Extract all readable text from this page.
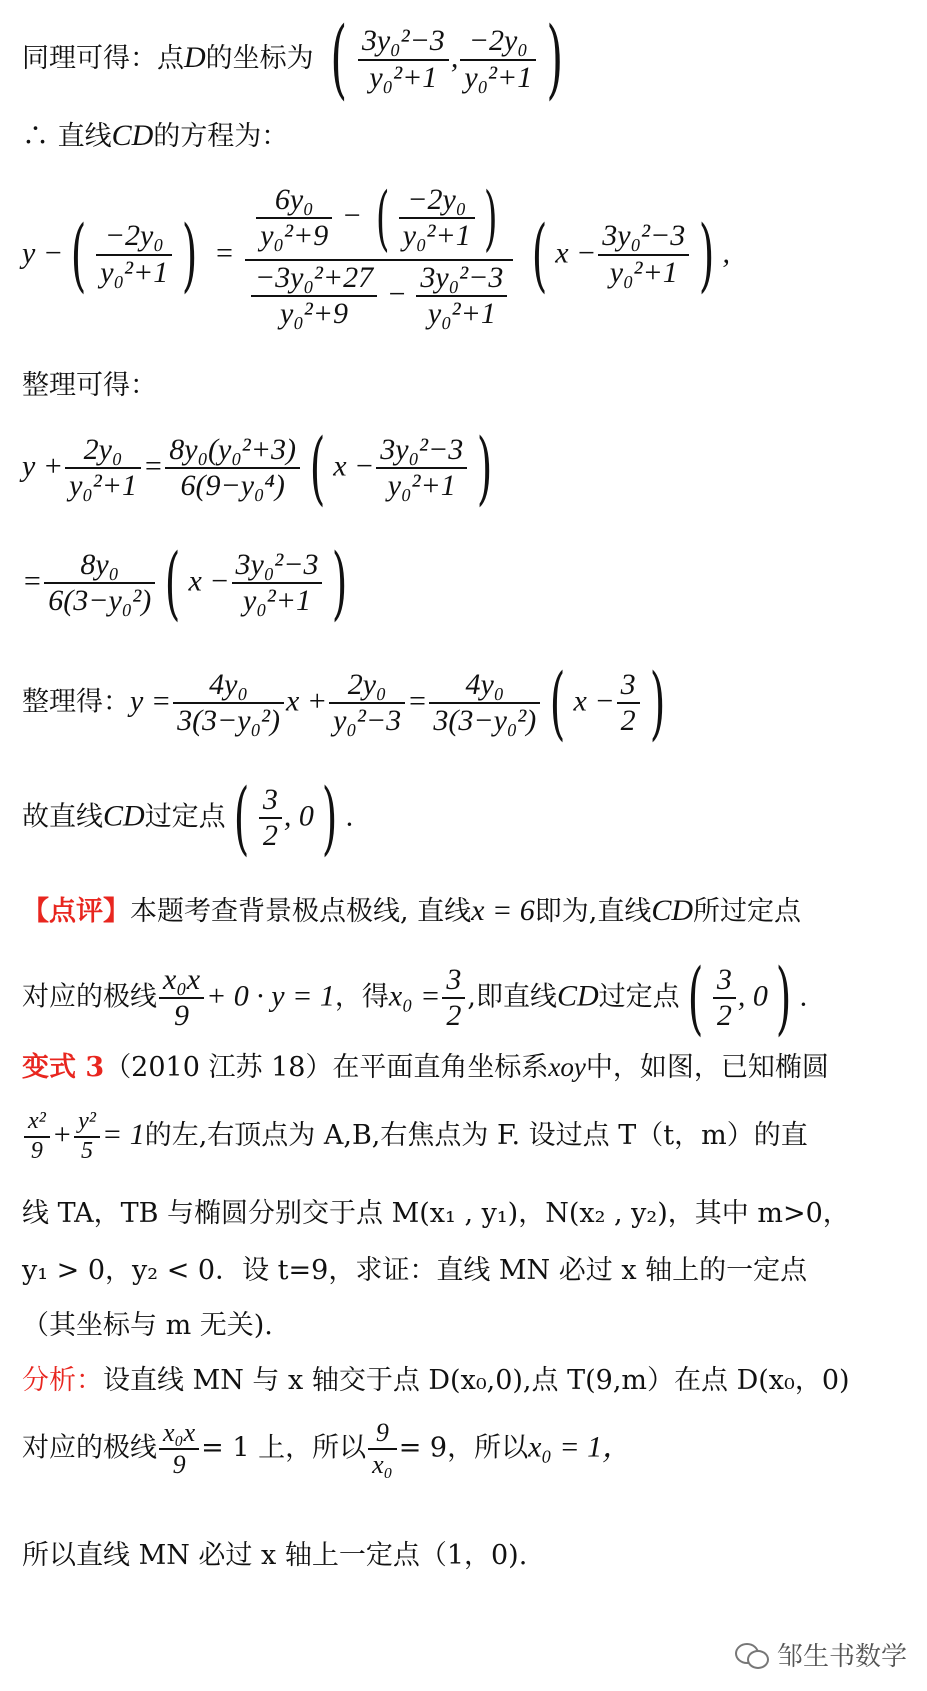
同理可得：点D的坐标为 ( $\frac{\text{3y₀²−3}}{\text{y₀²+1}}$ , $\frac{\text{−2y₀}}{\text{y₀²+1}}$ )
∴ 直线CD的方程为：
y −( $\frac{\text{−2y₀}}{\text{y₀²+1}}$ ) = $\frac{\frac{\text{6y₀}}{\text{y₀²+9}} - ( \frac{\text{−2y₀}}{\text{y₀²+1}} )}{\frac{\text{−3y₀²+27}}{\text{y₀²+9}} - \frac{\text{3y₀²−3}}{\text{y₀²+1}}}$ ( $x - \frac{\text{3y₀²−3}}{\text{y₀²+1}}$ ) ,
整理可得：
$y + \frac{\text{2y₀}}{\text{y₀²+1}} = \frac{\text{8y₀(y₀²+3)}}{\text{6(9−y₀⁴)}}$ ( $x - \frac{\text{3y₀²−3}}{\text{y₀²+1}}$ )
= $\frac{\text{8y₀}}{\text{6(3−y₀²)}}$ ( $x - \frac{\text{3y₀²−3}}{\text{y₀²+1}}$ )
整理得：$y = \frac{\text{4y₀}}{\text{3(3−y₀²)}}$ $x + \frac{\text{2y₀}}{\text{y₀²−3}} = \frac{\text{4y₀}}{\text{3(3−y₀²)}}$ ( $x - \frac{3}{2}$ )
故直线CD过定点( $\frac{3}{2}$ , 0) .
【点评】本题考查背景极点极线, 直线x = 6即为,直线CD所过定点
对应的极线 $\frac{\text{x₀x}}{9} + 0 \cdot y = 1$，得$x_0 = \frac{3}{2}$ ,即直线CD过定点( $\frac{3}{2}$ , 0) .
变式 3（2010 江苏 18）在平面直角坐标系xoy中，如图，已知椭圆
$\frac{\text{x²}}{9} + \frac{\text{y²}}{5} = 1$的左,右顶点为 A,B,右焦点为 F. 设过点 T（t，m）的直
线 TA，TB 与椭圆分别交于点 M(x₁ , y₁)，N(x₂ , y₂)，其中 m>0，
y₁ > 0，y₂ < 0．设 t=9，求证：直线 MN 必过 x 轴上的一定点
（其坐标与 m 无关).
分析：设直线 MN 与 x 轴交于点 D(x₀,0),点 T(9,m）在点 D(x₀，0)
对应的极线 $\frac{\text{x₀x}}{9} = 1$ 上，所以 $\frac{9}{\text{x₀}} = 9$，所以x₀ = 1，
所以直线 MN 必过 x 轴上一定点（1，0).
邹生书数学
